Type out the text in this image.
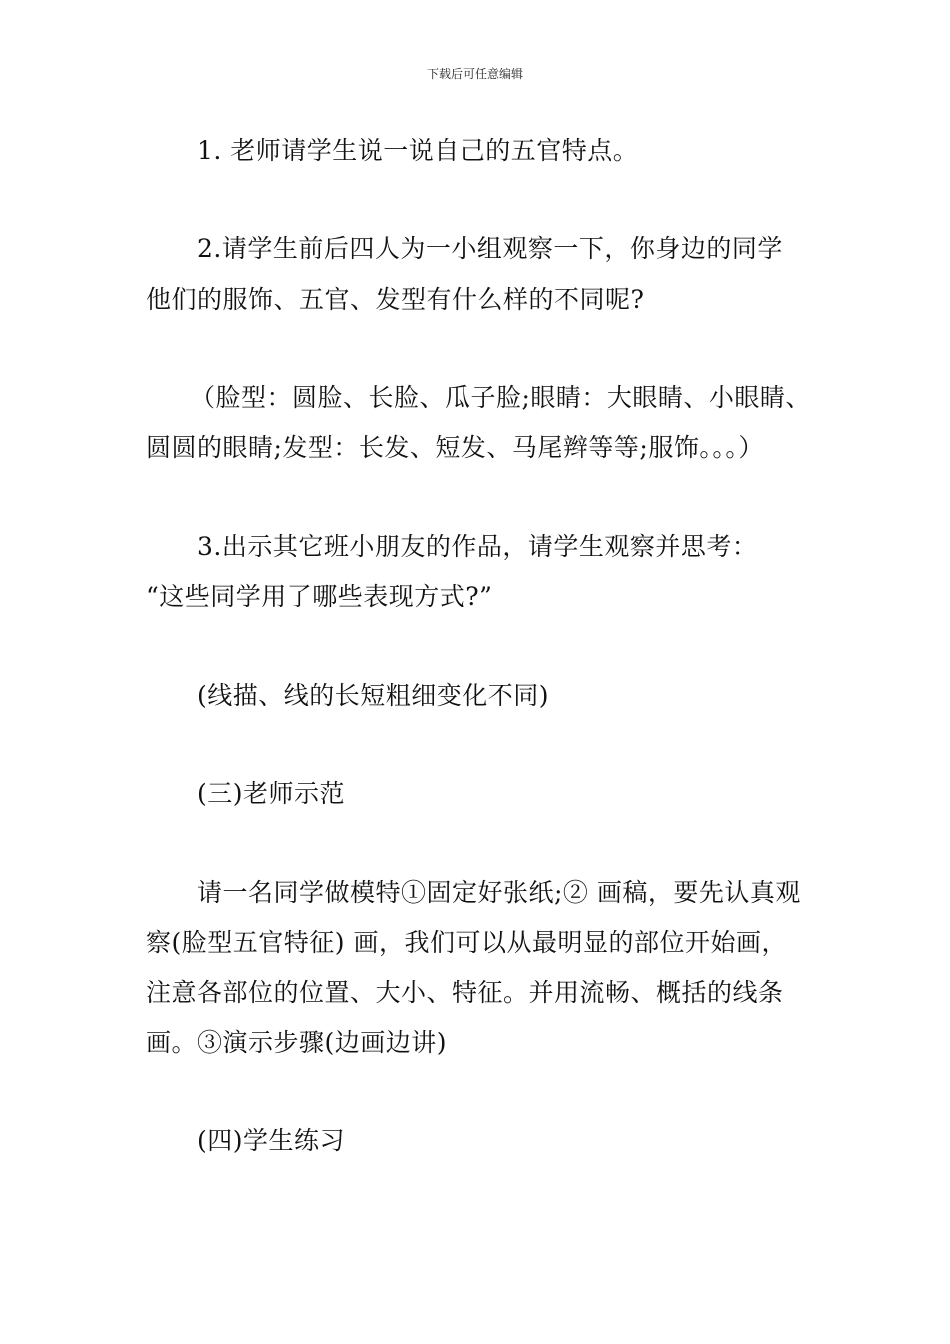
下载后可任意编辑
1. 老师请学生说一说自己的五官特点。
2.请学生前后四人为一小组观察一下，你身边的同学
他们的服饰、五官、发型有什么样的不同呢?
（脸型：圆脸、长脸、瓜子脸;眼睛：大眼睛、小眼睛、
圆圆的眼睛;发型：长发、短发、马尾辫等等;服饰。。。）
3.出示其它班小朋友的作品，请学生观察并思考：
“这些同学用了哪些表现方式?”
(线描、线的长短粗细变化不同)
(三)老师示范
请一名同学做模特①固定好张纸;② 画稿，要先认真观
察(脸型五官特征) 画，我们可以从最明显的部位开始画，
注意各部位的位置、大小、特征。并用流畅、概括的线条
画。③演示步骤(边画边讲)
(四)学生练习
